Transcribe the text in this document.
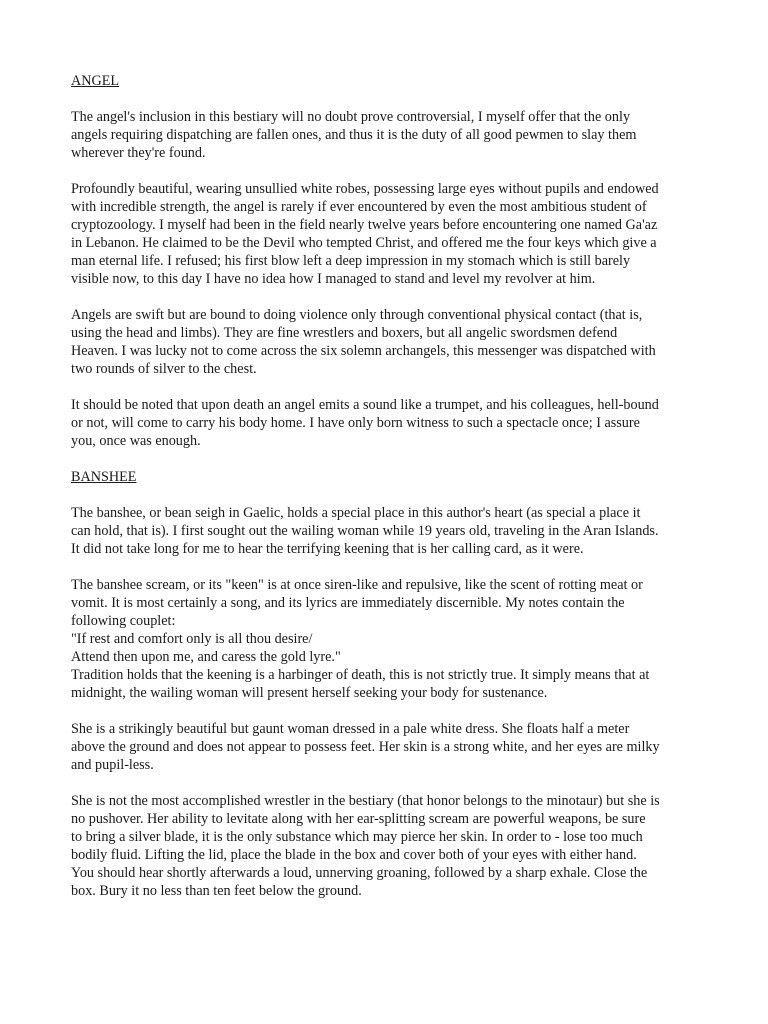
ANGEL
The angel's inclusion in this bestiary will no doubt prove controversial, I myself offer that the only
angels requiring dispatching are fallen ones, and thus it is the duty of all good pewmen to slay them
wherever they're found.
Profoundly beautiful, wearing unsullied white robes, possessing large eyes without pupils and endowed
with incredible strength, the angel is rarely if ever encountered by even the most ambitious student of
cryptozoology. I myself had been in the field nearly twelve years before encountering one named Ga'az
in Lebanon. He claimed to be the Devil who tempted Christ, and offered me the four keys which give a
man eternal life. I refused; his first blow left a deep impression in my stomach which is still barely
visible now, to this day I have no idea how I managed to stand and level my revolver at him.
Angels are swift but are bound to doing violence only through conventional physical contact (that is,
using the head and limbs). They are fine wrestlers and boxers, but all angelic swordsmen defend
Heaven. I was lucky not to come across the six solemn archangels, this messenger was dispatched with
two rounds of silver to the chest.
It should be noted that upon death an angel emits a sound like a trumpet, and his colleagues, hell-bound
or not, will come to carry his body home. I have only born witness to such a spectacle once; I assure
you, once was enough.
BANSHEE
The banshee, or bean seigh in Gaelic, holds a special place in this author's heart (as special a place it
can hold, that is). I first sought out the wailing woman while 19 years old, traveling in the Aran Islands.
It did not take long for me to hear the terrifying keening that is her calling card, as it were.
The banshee scream, or its "keen" is at once siren-like and repulsive, like the scent of rotting meat or
vomit. It is most certainly a song, and its lyrics are immediately discernible. My notes contain the
following couplet:
"If rest and comfort only is all thou desire/
Attend then upon me, and caress the gold lyre."
Tradition holds that the keening is a harbinger of death, this is not strictly true. It simply means that at
midnight, the wailing woman will present herself seeking your body for sustenance.
She is a strikingly beautiful but gaunt woman dressed in a pale white dress. She floats half a meter
above the ground and does not appear to possess feet. Her skin is a strong white, and her eyes are milky
and pupil-less.
She is not the most accomplished wrestler in the bestiary (that honor belongs to the minotaur) but she is
no pushover. Her ability to levitate along with her ear-splitting scream are powerful weapons, be sure
to bring a silver blade, it is the only substance which may pierce her skin. In order to - lose too much
bodily fluid. Lifting the lid, place the blade in the box and cover both of your eyes with either hand.
You should hear shortly afterwards a loud, unnerving groaning, followed by a sharp exhale. Close the
box. Bury it no less than ten feet below the ground.
